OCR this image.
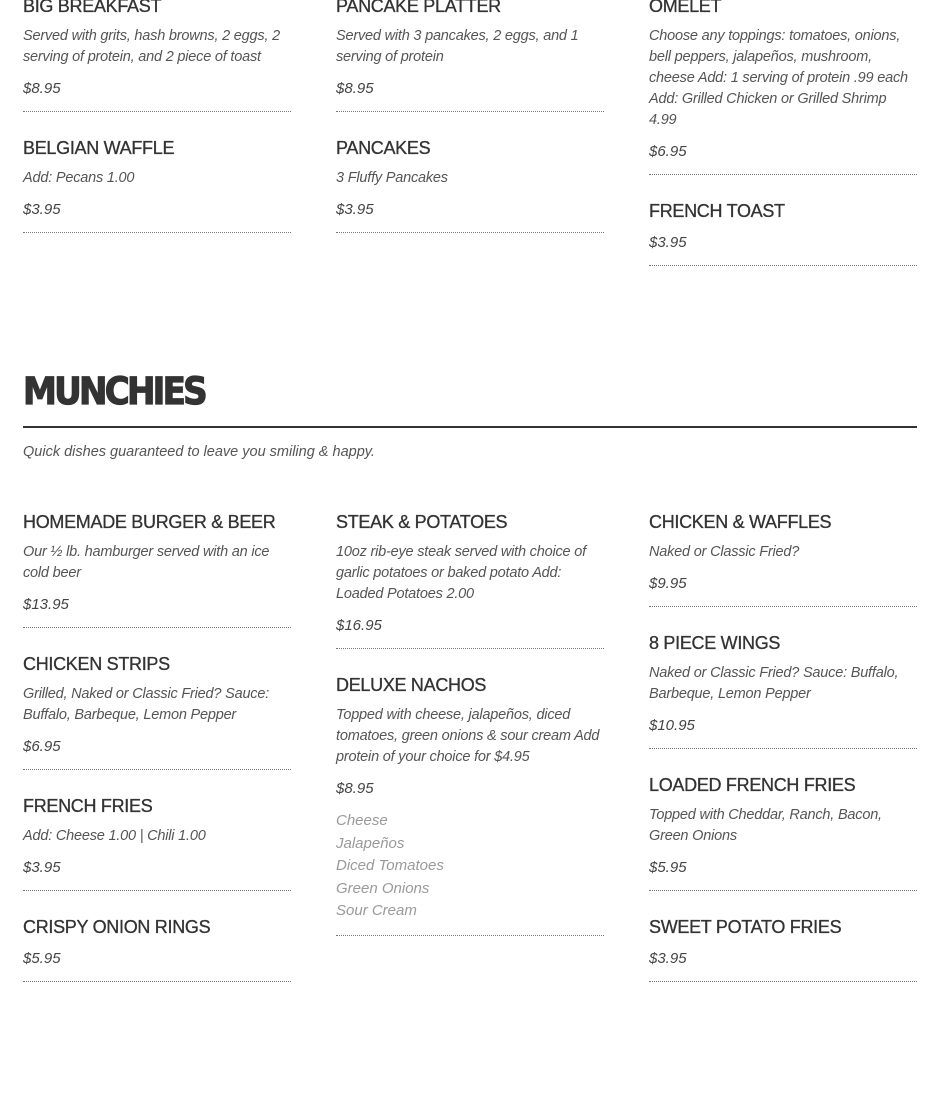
BIG BREAKFAST

Served with grits, hash browns, 2 eggs, 2 serving of protein, and 2 piece of toast

$8.95

BELGIAN WAFFLE

Add: Pecans 1.00

$3.95

PANCAKE PLATTER

Served with 3 pancakes, 2 eggs, and 1 serving of protein

$8.95

PANCAKES

3 Fluffy Pancakes

$3.95

OMELET

Choose any toppings: tomatoes, onions, bell peppers, jalapeños, mushroom, cheese Add: 1 serving of protein .99 each Add: Grilled Chicken or Grilled Shrimp 4.99

$6.95

FRENCH TOAST

$3.95

MUNCHIES

Quick dishes guaranteed to leave you smiling & happy.

HOMEMADE BURGER & BEER

Our ½ lb. hamburger served with an ice cold beer

$13.95

CHICKEN STRIPS

Grilled, Naked or Classic Fried? Sauce: Buffalo, Barbeque, Lemon Pepper

$6.95

FRENCH FRIES

Add: Cheese 1.00 | Chili 1.00

$3.95

CRISPY ONION RINGS

$5.95

STEAK & POTATOES

10oz rib-eye steak served with choice of garlic potatoes or baked potato Add: Loaded Potatoes 2.00

$16.95

DELUXE NACHOS

Topped with cheese, jalapeños, diced tomatoes, green onions & sour cream Add protein of your choice for $4.95

$8.95

Cheese
Jalapeños
Diced Tomatoes
Green Onions
Sour Cream
CHICKEN & WAFFLES

Naked or Classic Fried?

$9.95

8 PIECE WINGS

Naked or Classic Fried? Sauce: Buffalo, Barbeque, Lemon Pepper

$10.95

LOADED FRENCH FRIES

Topped with Cheddar, Ranch, Bacon, Green Onions

$5.95

SWEET POTATO FRIES

$3.95
